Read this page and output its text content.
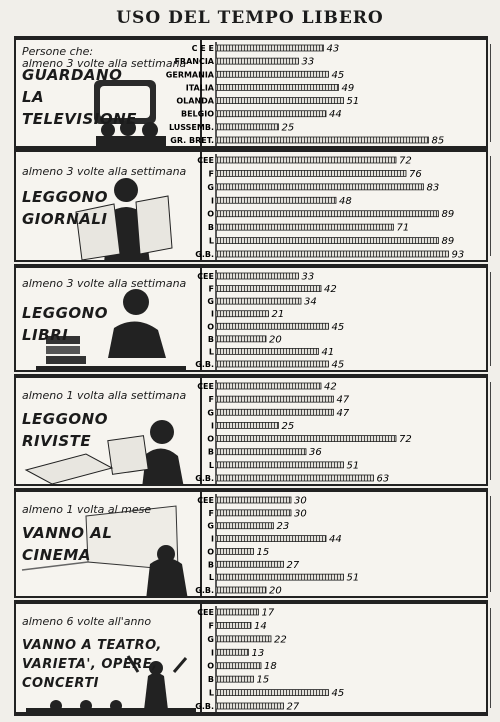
USO DEL TEMPO LIBERO
Persone che:
almeno 3 volte alla settimana
GUARDANO
LA
TELEVISIONE
C E E	43
FRANCIA	33
GERMANIA	45
ITALIA	49
OLANDA	51
BELGIO	44
LUSSEMB.	25
GR. BRET.	85
almeno 3 volte alla settimana
LEGGONO
GIORNALI
CEE	72
F	76
G	83
I	48
O	89
B	71
L	89
G.B.	93
almeno 3 volte alla settimana
LEGGONO
LIBRI
CEE	33
F	42
G	34
I	21
O	45
B	20
L	41
G.B.	45
almeno 1 volta alla settimana
LEGGONO
RIVISTE
CEE	42
F	47
G	47
I	25
O	72
B	36
L	51
G.B.	63
almeno 1 volta al mese
VANNO AL
CINEMA
CEE	30
F	30
G	23
I	44
O	15
B	27
L	51
G.B.	20
almeno 6 volte all'anno
VANNO A TEATRO,
VARIETA', OPERE,
CONCERTI
CEE	17
F	14
G	22
I	13
O	18
B	15
L	45
G.B.	27
